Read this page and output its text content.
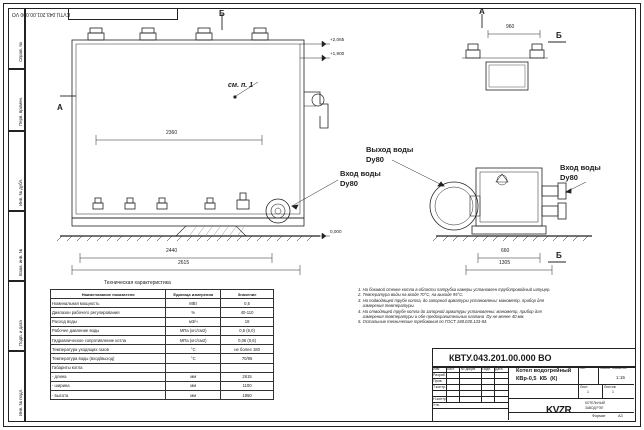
Справ. №
Перв. примен.
Инв. № дубл.
Взам. инв. №
Подп. и дата
Инв. № подл.
KVTU.043.201.00.000 VO	Б
А
см. п. 1
2360
2440
2615
+2,065
+1,900
0,000
Вход воды
Dy80
А
Б
Б
960
660
1305
Выход воды
Dy80
Вход воды
Dy80
Техническая характеристика
Наименование показателя	Единица измерения	Значение
Номинальная мощность	МВт	0,5
Диапазон рабочего регулирования	%	40-110
Расход воды	м3/ч	18
Рабочее давление воды	МПа (кгс/см2)	0,6 (6,0)
Гидравлическое сопротивление котла	МПа (кгс/см2)	0,06 (0,6)
Температура уходящих газов	°С	не более 180
Температура воды (вход/выход)	°С	70/95
Габариты котла		
- длина	мм	2615
- ширина	мм	1100
- высота	мм	1950
1. На боковой стенке котла в области патрубка камеры установлен трубопроводный штуцер.
2. Температура воды на входе 70°С, на выходе 95°С.
3. На подводящей трубе котла, до запорной арматуры установлены: манометр, прибор для
измерения температуры.
4. На отводящей трубе котла до запорной арматуры установлены: манометр, прибор для
измерения температуры и обе предохранительных клапана  Dy не менее 40 мм.
5. Остальные технические требования по ГОСТ 188.030.133-84.
КВТУ.043.201.00.000 ВО
Изм Лист № докум. Подп. Дата
Разраб.
Пров.
Т.контр.
Н.контр.
Утв.
Котел водогрейный
КВр-0,5  КБ  (К)
Лит.	Масса Масштаб
1:15
Лист	Листов
1	1
KVZR
КОТЕЛЬНЫЙ
ЗАВОД РЭП
Формат	A3
